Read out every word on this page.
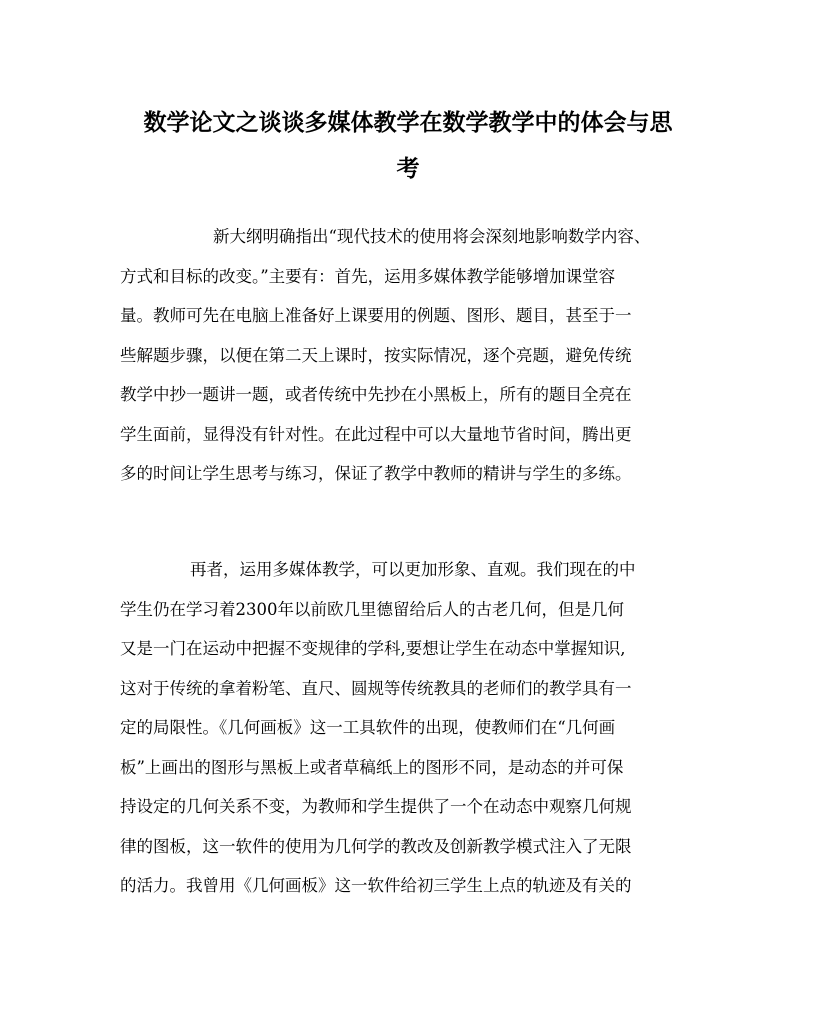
数学论文之谈谈多媒体教学在数学教学中的体会与思
考
新大纲明确指出“现代技术的使用将会深刻地影响数学内容、
方式和目标的改变。”主要有：首先，运用多媒体教学能够增加课堂容
量。教师可先在电脑上准备好上课要用的例题、图形、题目，甚至于一
些解题步骤，以便在第二天上课时，按实际情况，逐个亮题，避免传统
教学中抄一题讲一题，或者传统中先抄在小黑板上，所有的题目全亮在
学生面前，显得没有针对性。在此过程中可以大量地节省时间，腾出更
多的时间让学生思考与练习，保证了教学中教师的精讲与学生的多练。
再者，运用多媒体教学，可以更加形象、直观。我们现在的中
学生仍在学习着2300年以前欧几里德留给后人的古老几何，但是几何
又是一门在运动中把握不变规律的学科,要想让学生在动态中掌握知识,
这对于传统的拿着粉笔、直尺、圆规等传统教具的老师们的教学具有一
定的局限性。《几何画板》这一工具软件的出现，使教师们在“几何画
板”上画出的图形与黑板上或者草稿纸上的图形不同，是动态的并可保
持设定的几何关系不变，为教师和学生提供了一个在动态中观察几何规
律的图板，这一软件的使用为几何学的教改及创新教学模式注入了无限
的活力。我曾用《几何画板》这一软件给初三学生上点的轨迹及有关的
